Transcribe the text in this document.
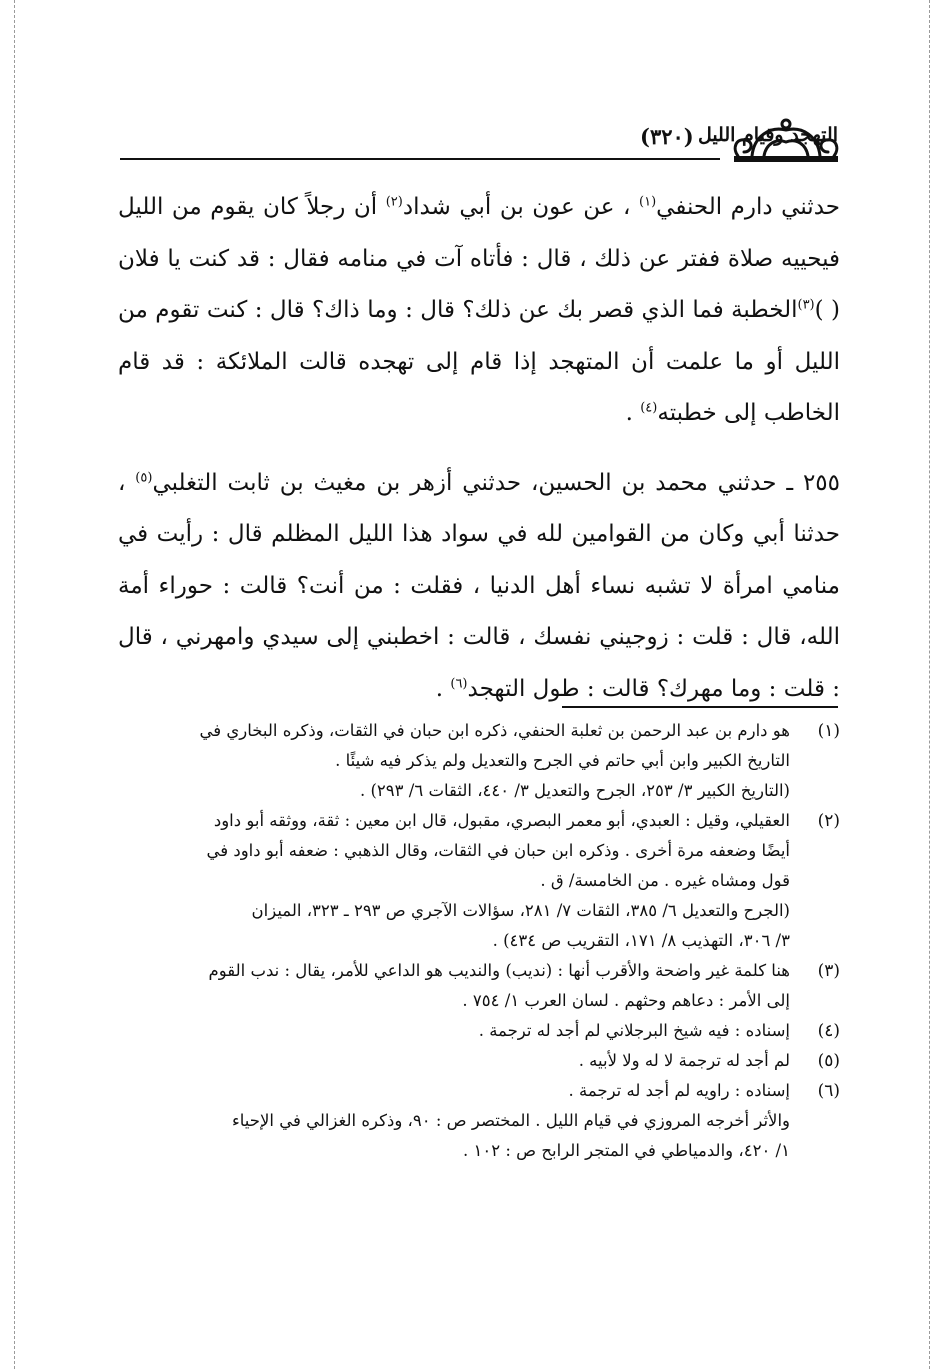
التهجد وقيام الليل
(٣٢٠)

حدثني دارم الحنفي$^{(١)}$ ، عن عون بن أبي شداد$^{(٢)}$ أن رجلاً كان يقوم من الليل فيحييه صلاة ففتر عن ذلك ، قال : فأتاه آت في منامه فقال : قد كنت يا فلان ( )$^{(٣)}$الخطبة فما الذي قصر بك عن ذلك؟ قال : وما ذاك؟ قال : كنت تقوم من الليل أو ما علمت أن المتهجد إذا قام إلى تهجده قالت الملائكة : قد قام الخاطب إلى خطبته$^{(٤)}$ .

٢٥٥ ـ حدثني محمد بن الحسين، حدثني أزهر بن مغيث بن ثابت التغلبي$^{(٥)}$ ، حدثنا أبي وكان من القوامين لله في سواد هذا الليل المظلم قال : رأيت في منامي امرأة لا تشبه نساء أهل الدنيا ، فقلت : من أنت؟ قالت : حوراء أمة الله، قال : قلت : زوجيني نفسك ، قالت : اخطبني إلى سيدي وامهرني ، قال : قلت : وما مهرك؟ قالت : طول التهجد$^{(٦)}$ .

(١)
هو دارم بن عبد الرحمن بن ثعلبة الحنفي، ذكره ابن حبان في الثقات، وذكره البخاري في
التاريخ الكبير وابن أبي حاتم في الجرح والتعديل ولم يذكر فيه شيئًا .
(التاريخ الكبير ٣/ ٢٥٣، الجرح والتعديل ٣/ ٤٤٠، الثقات ٦/ ٢٩٣) .
(٢)
العقيلي، وقيل : العبدي، أبو معمر البصري، مقبول، قال ابن معين : ثقة، ووثقه أبو داود
أيضًا وضعفه مرة أخرى . وذكره ابن حبان في الثقات، وقال الذهبي : ضعفه أبو داود في
قول ومشاه غيره . من الخامسة/ ق .
(الجرح والتعديل ٦/ ٣٨٥، الثقات ٧/ ٢٨١، سؤالات الآجري ص ٢٩٣ ـ ٣٢٣، الميزان
٣/ ٣٠٦، التهذيب ٨/ ١٧١، التقريب ص ٤٣٤) .
(٣)
هنا كلمة غير واضحة والأقرب أنها : (نديب) والنديب هو الداعي للأمر، يقال : ندب القوم
إلى الأمر : دعاهم وحثهم . لسان العرب ١/ ٧٥٤ .
(٤)
إسناده : فيه شيخ البرجلاني لم أجد له ترجمة .
(٥)
لم أجد له ترجمة لا له ولا لأبيه .
(٦)
إسناده : راويه لم أجد له ترجمة .
والأثر أخرجه المروزي في قيام الليل . المختصر ص : ٩٠، وذكره الغزالي في الإحياء
١/ ٤٢٠، والدمياطي في المتجر الرابح ص : ١٠٢ .
